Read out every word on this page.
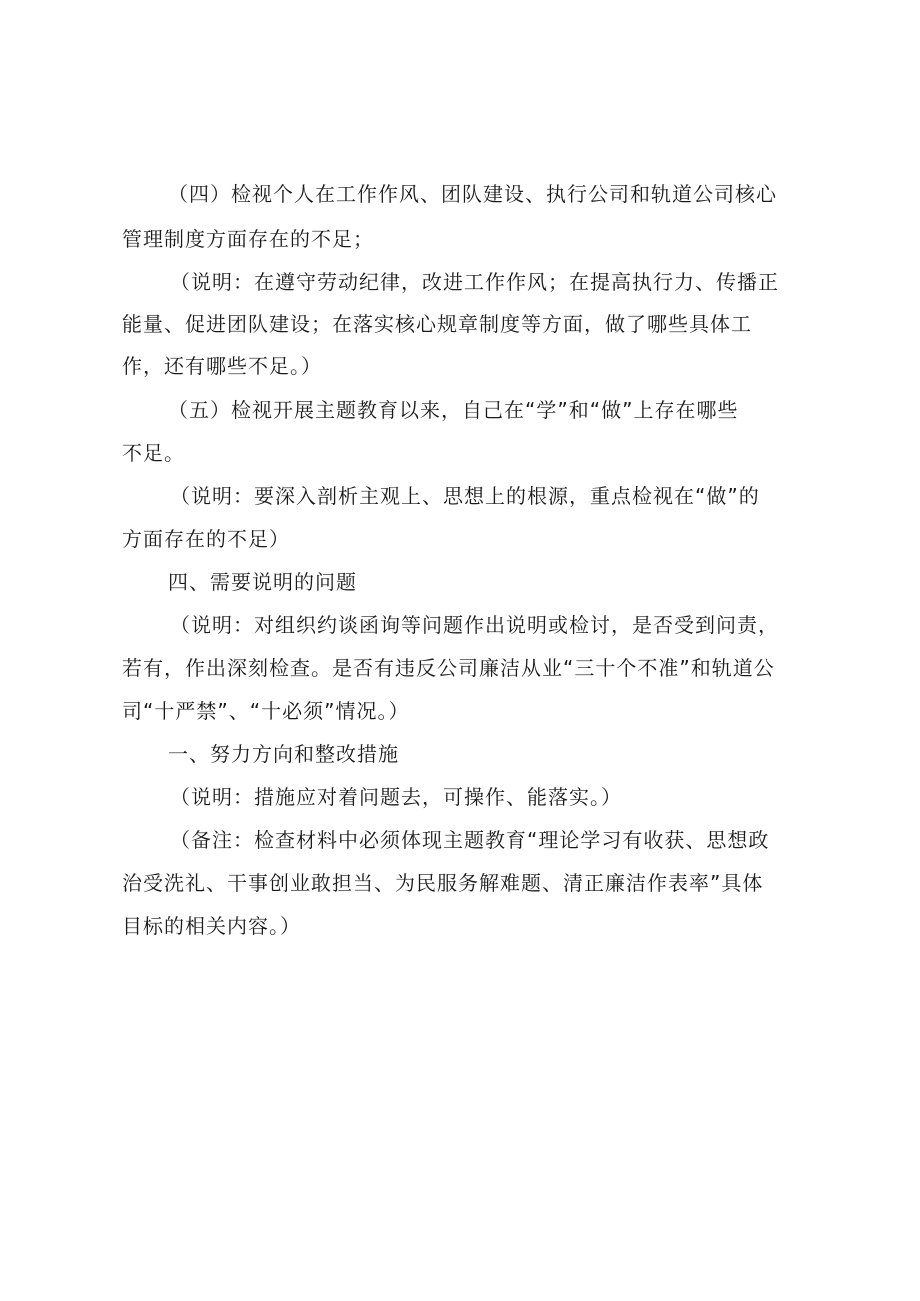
（四）检视个人在工作作风、团队建设、执行公司和轨道公司核心
管理制度方面存在的不足；
（说明：在遵守劳动纪律，改进工作作风；在提高执行力、传播正
能量、促进团队建设；在落实核心规章制度等方面，做了哪些具体工
作，还有哪些不足。）
（五）检视开展主题教育以来，自己在“学”和“做”上存在哪些
不足。
（说明：要深入剖析主观上、思想上的根源，重点检视在“做”的
方面存在的不足）
四、需要说明的问题
（说明：对组织约谈函询等问题作出说明或检讨，是否受到问责，
若有，作出深刻检查。是否有违反公司廉洁从业“三十个不准”和轨道公
司“十严禁”、“十必须”情况。）
一、努力方向和整改措施
（说明：措施应对着问题去，可操作、能落实。）
（备注：检查材料中必须体现主题教育“理论学习有收获、思想政
治受洗礼、干事创业敢担当、为民服务解难题、清正廉洁作表率”具体
目标的相关内容。）
